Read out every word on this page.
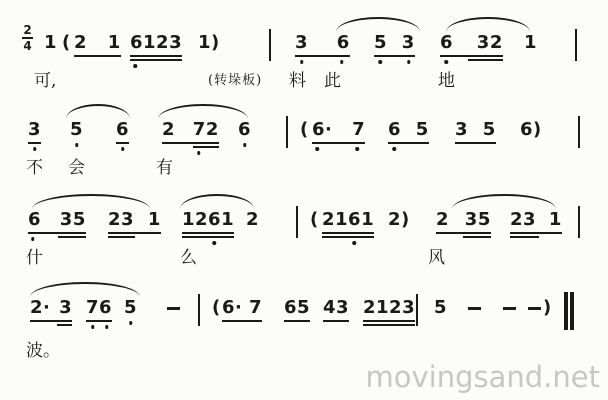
2
4 1 ( 2 1 6123 1)	3 6 5 3 6 32 1
可,	(转垛板) 料 此	地
3 5 6 2 72 6	( 6· 7 6 5 3 5 6)
不 会	有
6 35 23 1 1261 2	( 2161 2) 2 35 23 1
什	么	风
2· 3 76 5	( 6· 7 65 43 2123 5	)
波。
movingsand.net
